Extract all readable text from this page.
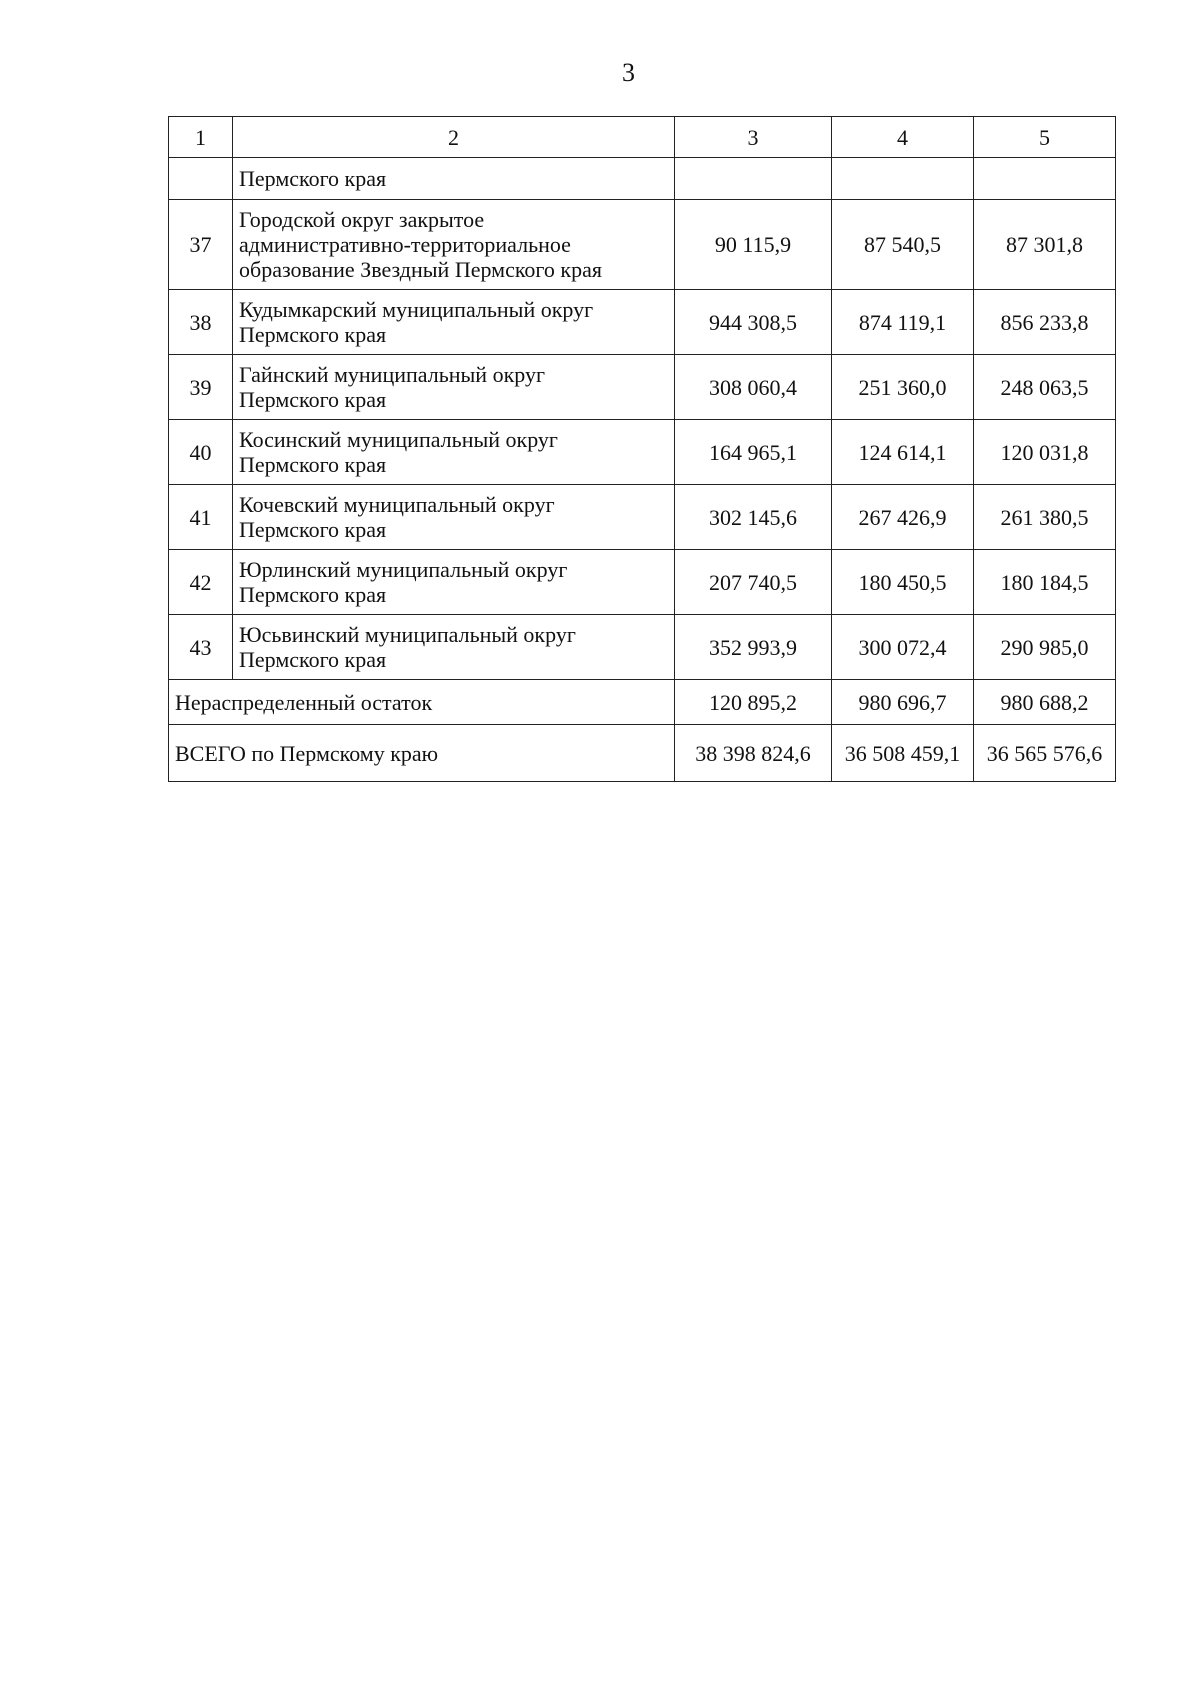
3
1	2	3	4	5
	Пермского края			
37	Городской округ закрытое
административно-территориальное
образование Звездный Пермского края	90 115,9	87 540,5	87 301,8
38	Кудымкарский муниципальный округ
Пермского края	944 308,5	874 119,1	856 233,8
39	Гайнский муниципальный округ
Пермского края	308 060,4	251 360,0	248 063,5
40	Косинский муниципальный округ
Пермского края	164 965,1	124 614,1	120 031,8
41	Кочевский муниципальный округ
Пермского края	302 145,6	267 426,9	261 380,5
42	Юрлинский муниципальный округ
Пермского края	207 740,5	180 450,5	180 184,5
43	Юсьвинский муниципальный округ
Пермского края	352 993,9	300 072,4	290 985,0
Нераспределенный остаток		120 895,2	980 696,7	980 688,2
ВСЕГО по Пермскому краю		38 398 824,6	36 508 459,1	36 565 576,6
